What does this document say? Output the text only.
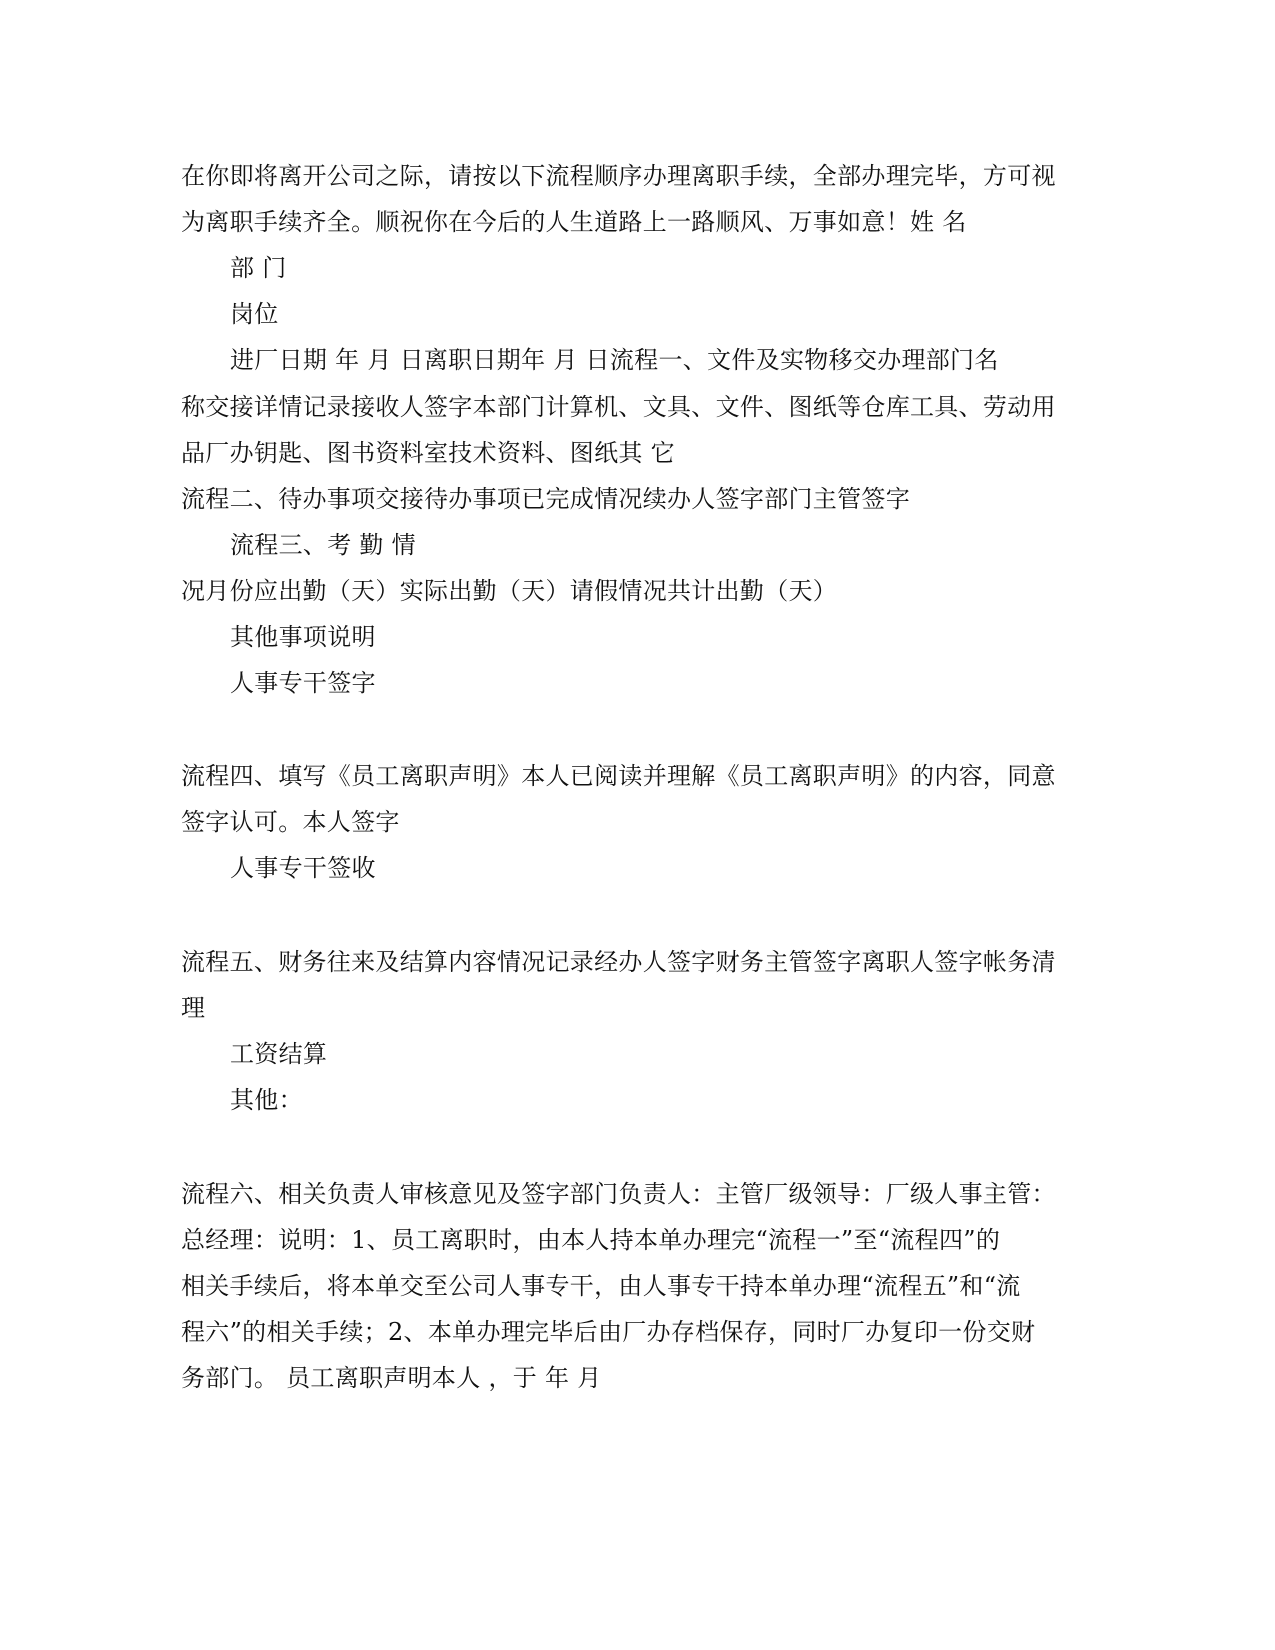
在你即将离开公司之际，请按以下流程顺序办理离职手续，全部办理完毕，方可视
为离职手续齐全。顺祝你在今后的人生道路上一路顺风、万事如意！姓 名
部 门
岗位
进厂日期 年 月 日离职日期年 月 日流程一、文件及实物移交办理部门名
称交接详情记录接收人签字本部门计算机、文具、文件、图纸等仓库工具、劳动用
品厂办钥匙、图书资料室技术资料、图纸其 它
流程二、待办事项交接待办事项已完成情况续办人签字部门主管签字
流程三、考 勤 情
况月份应出勤（天）实际出勤（天）请假情况共计出勤（天）
其他事项说明
人事专干签字
流程四、填写《员工离职声明》本人已阅读并理解《员工离职声明》的内容，同意
签字认可。本人签字
人事专干签收
流程五、财务往来及结算内容情况记录经办人签字财务主管签字离职人签字帐务清
理
工资结算
其他：
流程六、相关负责人审核意见及签字部门负责人：主管厂级领导：厂级人事主管：
总经理：说明：1、员工离职时，由本人持本单办理完“流程一”至“流程四”的
相关手续后，将本单交至公司人事专干，由人事专干持本单办理“流程五”和“流
程六”的相关手续；2、本单办理完毕后由厂办存档保存，同时厂办复印一份交财
务部门。 员工离职声明本人 ，于 年 月
